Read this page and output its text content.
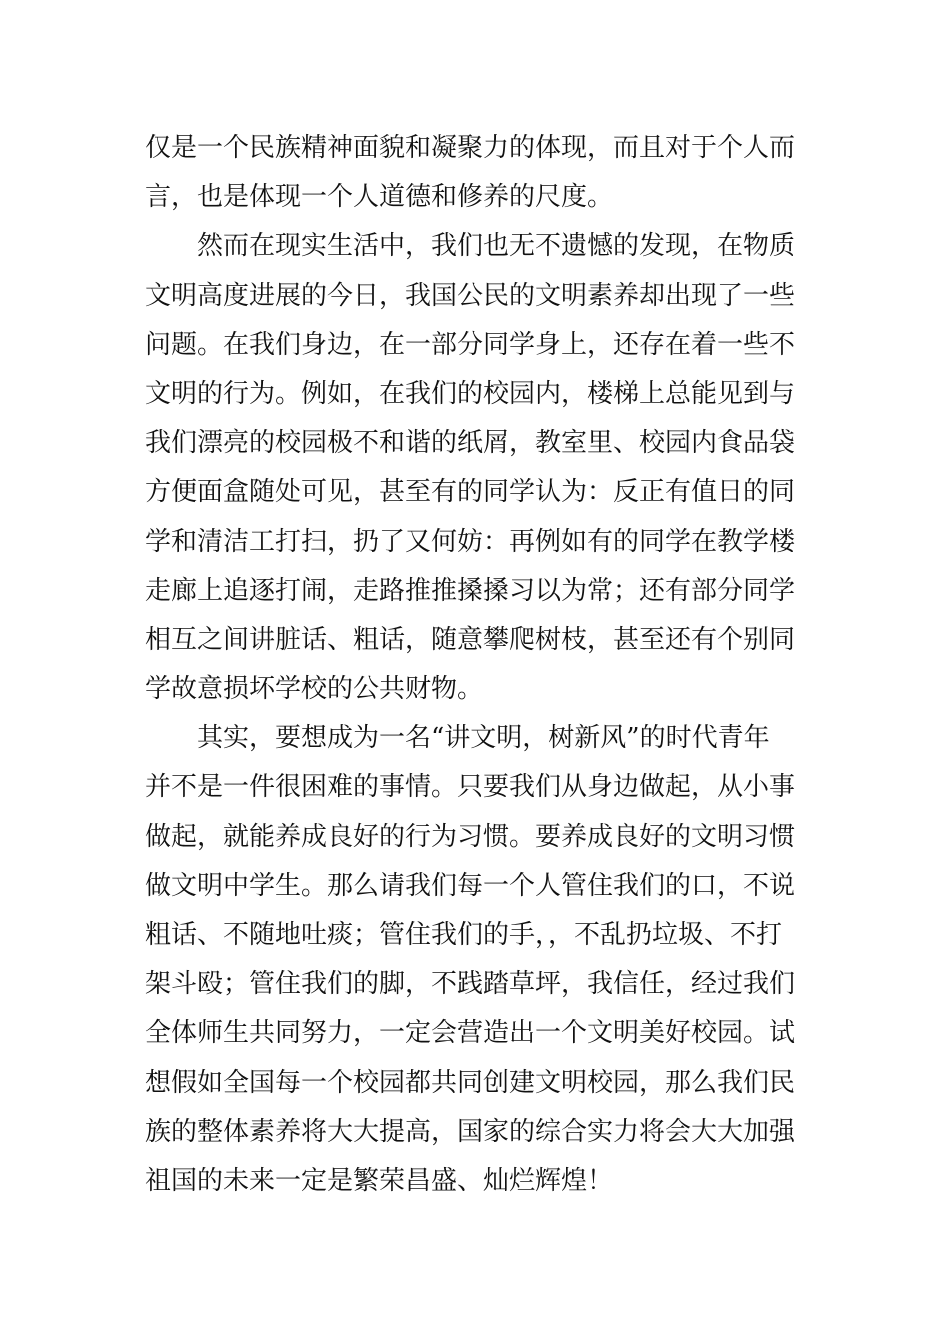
仅是一个民族精神面貌和凝聚力的体现，而且对于个人而
言，也是体现一个人道德和修养的尺度。
然而在现实生活中，我们也无不遗憾的发现，在物质
文明高度进展的今日，我国公民的文明素养却出现了一些
问题。在我们身边，在一部分同学身上，还存在着一些不
文明的行为。例如，在我们的校园内，楼梯上总能见到与
我们漂亮的校园极不和谐的纸屑，教室里、校园内食品袋
方便面盒随处可见，甚至有的同学认为：反正有值日的同
学和清洁工打扫，扔了又何妨：再例如有的同学在教学楼
走廊上追逐打闹，走路推推搡搡习以为常；还有部分同学
相互之间讲脏话、粗话，随意攀爬树枝，甚至还有个别同
学故意损坏学校的公共财物。
其实，要想成为一名“讲文明，树新风”的时代青年
并不是一件很困难的事情。只要我们从身边做起，从小事
做起，就能养成良好的行为习惯。要养成良好的文明习惯
做文明中学生。那么请我们每一个人管住我们的口，不说
粗话、不随地吐痰；管住我们的手，，不乱扔垃圾、不打
架斗殴；管住我们的脚，不践踏草坪，我信任，经过我们
全体师生共同努力，一定会营造出一个文明美好校园。试
想假如全国每一个校园都共同创建文明校园，那么我们民
族的整体素养将大大提高，国家的综合实力将会大大加强
祖国的未来一定是繁荣昌盛、灿烂辉煌！
